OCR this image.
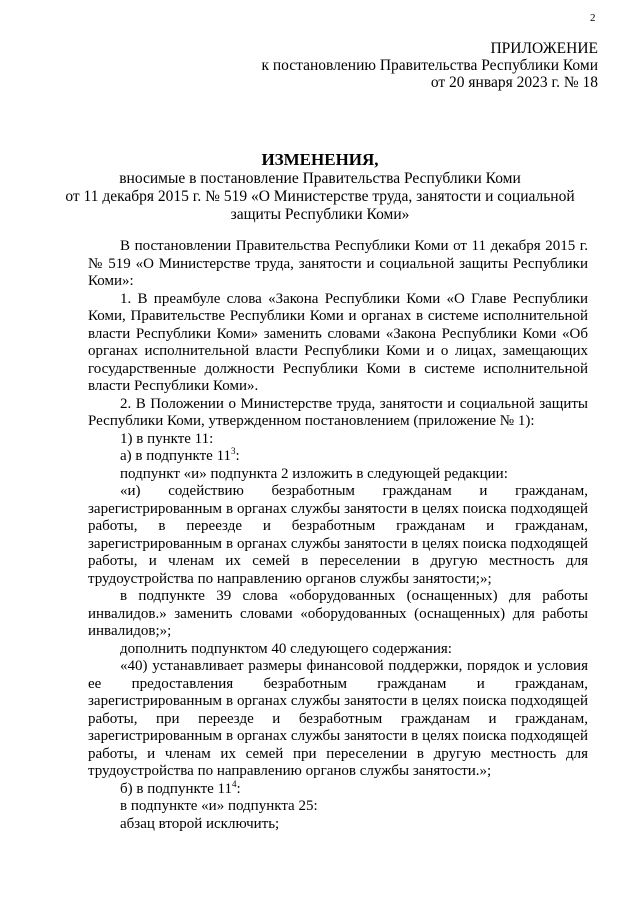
2
ПРИЛОЖЕНИЕ
к постановлению Правительства Республики Коми
от 20 января 2023 г. № 18
ИЗМЕНЕНИЯ,
вносимые в постановление Правительства Республики Коми
от 11 декабря 2015 г. № 519 «О Министерстве труда, занятости и социальной
защиты Республики Коми»

В постановлении Правительства Республики Коми от 11 декабря 2015 г. № 519 «О Министерстве труда, занятости и социальной защиты Республики Коми»:

1. В преамбуле слова «Закона Республики Коми «О Главе Республики Коми, Правительстве Республики Коми и органах в системе исполнительной власти Республики Коми» заменить словами «Закона Республики Коми «Об органах исполнительной власти Республики Коми и о лицах, замещающих государственные должности Республики Коми в системе исполнительной власти Республики Коми».

2. В Положении о Министерстве труда, занятости и социальной защиты Республики Коми, утвержденном постановлением (приложение № 1):

1) в пункте 11:

а) в подпункте $11^3$:

подпункт «и» подпункта 2 изложить в следующей редакции:

«и) содействию безработным гражданам и гражданам, зарегистрированным в органах службы занятости в целях поиска подходящей работы, в переезде и безработным гражданам и гражданам, зарегистрированным в органах службы занятости в целях поиска подходящей работы, и членам их семей в переселении в другую местность для трудоустройства по направлению органов службы занятости;»;

в подпункте 39 слова «оборудованных (оснащенных) для работы инвалидов.» заменить словами «оборудованных (оснащенных) для работы инвалидов;»;

дополнить подпунктом 40 следующего содержания:

«40) устанавливает размеры финансовой поддержки, порядок и условия ее предоставления безработным гражданам и гражданам, зарегистрированным в органах службы занятости в целях поиска подходящей работы, при переезде и безработным гражданам и гражданам, зарегистрированным в органах службы занятости в целях поиска подходящей работы, и членам их семей при переселении в другую местность для трудоустройства по направлению органов службы занятости.»;

б) в подпункте $11^4$:

в подпункте «и» подпункта 25:

абзац второй исключить;
